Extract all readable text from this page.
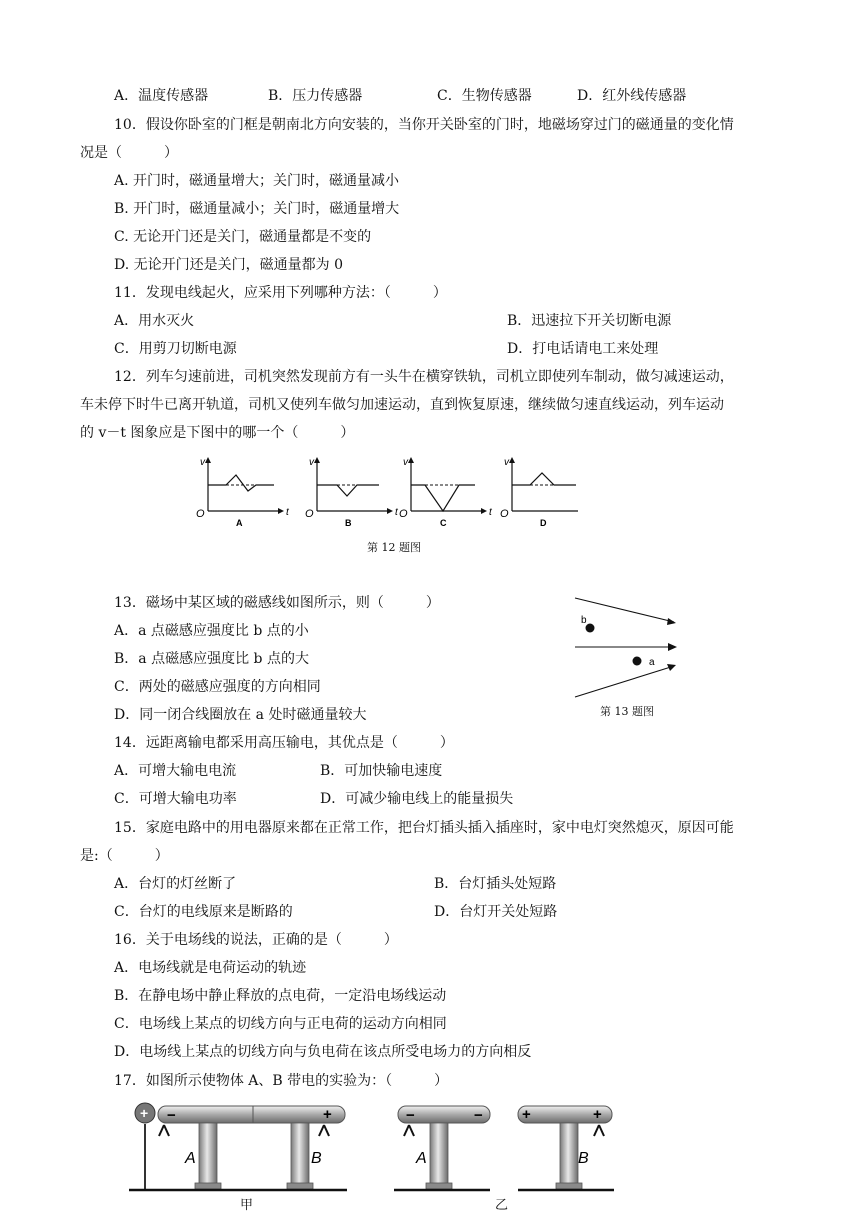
A．温度传感器	B．压力传感器	C．生物传感器	D．红外线传感器
10．假设你卧室的门框是朝南北方向安装的，当你开关卧室的门时，地磁场穿过门的磁通量的变化情
况是（　　　）
A. 开门时，磁通量增大；关门时，磁通量减小
B. 开门时，磁通量减小；关门时，磁通量增大
C. 无论开门还是关门，磁通量都是不变的
D. 无论开门还是关门，磁通量都为 0
11．发现电线起火，应采用下列哪种方法：（　　　）
A．用水灭火	B．迅速拉下开关切断电源
C．用剪刀切断电源	D．打电话请电工来处理
12．列车匀速前进，司机突然发现前方有一头牛在横穿铁轨，司机立即使列车制动，做匀减速运动，
车未停下时牛已离开轨道，司机又使列车做匀加速运动，直到恢复原速，继续做匀速直线运动，列车运动
的 v－t 图象应是下图中的哪一个（　　　）
v
t
O
A
v
t
O
B
v
t
O
C
v
O
D
第 12 题图
13．磁场中某区域的磁感线如图所示，则（　　　）
A．a 点磁感应强度比 b 点的小
B．a 点磁感应强度比 b 点的大
C．两处的磁感应强度的方向相同
D．同一闭合线圈放在 a 处时磁通量较大
b
a
第 13 题图
14．远距离输电都采用高压输电，其优点是（　　　）
A．可增大输电电流	B．可加快输电速度
C．可增大输电功率	D．可减少输电线上的能量损失
15．家庭电路中的用电器原来都在正常工作，把台灯插头插入插座时，家中电灯突然熄灭，原因可能
是:（　　　）
A．台灯的灯丝断了	B．台灯插头处短路
C．台灯的电线原来是断路的	D．台灯开关处短路
16．关于电场线的说法，正确的是（　　　）
A．电场线就是电荷运动的轨迹
B．在静电场中静止释放的点电荷，一定沿电场线运动
C．电场线上某点的切线方向与正电荷的运动方向相同
D．电场线上某点的切线方向与负电荷在该点所受电场力的方向相反
17．如图所示使物体 A、B 带电的实验为：（　　　）
+ −	+
A	B
−	−
A
+	+
B
甲	乙
